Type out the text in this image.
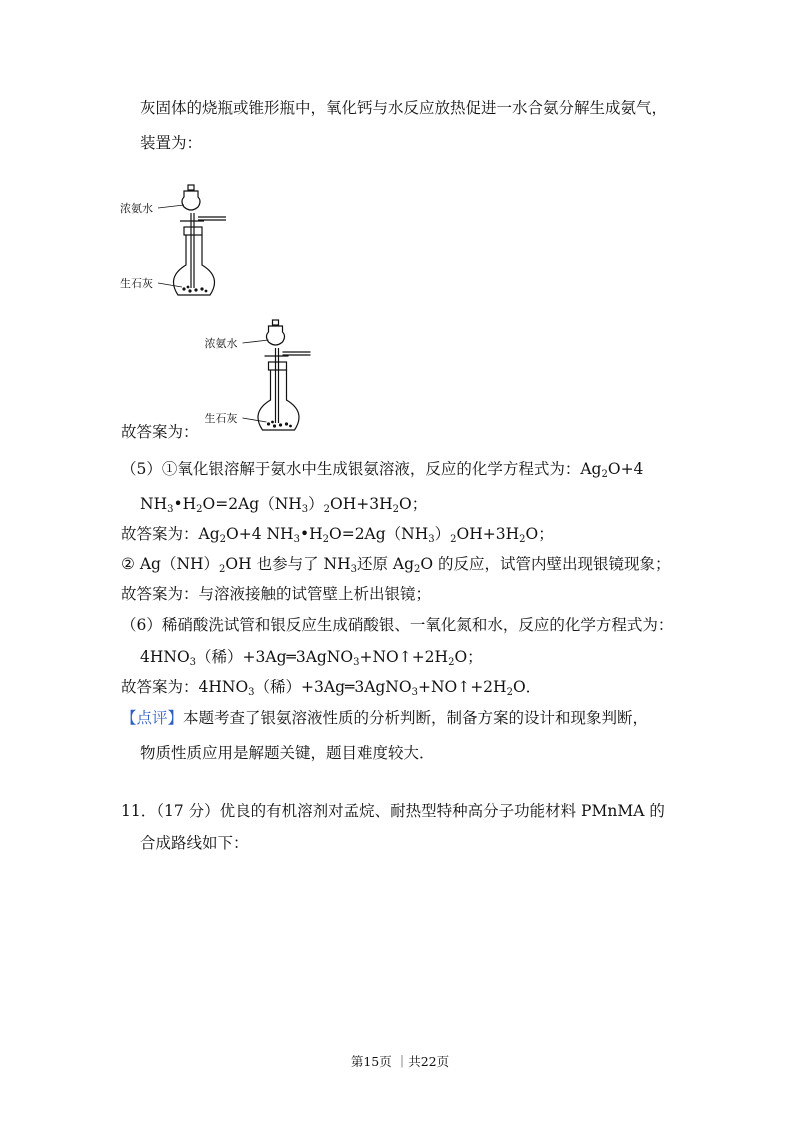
灰固体的烧瓶或锥形瓶中，氧化钙与水反应放热促进一水合氨分解生成氨气，
装置为：
浓氨水
生石灰
故答案为：
浓氨水
生石灰
（5）①氧化银溶解于氨水中生成银氨溶液，反应的化学方程式为：$Ag_2O+4$
$NH_3•H_2O=2Ag(NH_3)_2OH+3H_2O$；
故答案为：$Ag_2O+4$ $NH_3•H_2O=2Ag(NH_3)_2OH+3H_2O$；
② $Ag(NH)_2OH$ 也参与了 $NH_3$还原 $Ag_2O$ 的反应，试管内壁出现银镜现象；
故答案为：与溶液接触的试管壁上析出银镜；
（6）稀硝酸洗试管和银反应生成硝酸银、一氧化氮和水，反应的化学方程式为：
$4HNO_3$（稀）$+3Ag═3AgNO_3+NO↑+2H_2O$；
故答案为：$4HNO_3$（稀）$+3Ag═3AgNO_3+NO↑+2H_2O$．
【点评】本题考查了银氨溶液性质的分析判断，制备方案的设计和现象判断，
物质性质应用是解题关键，题目难度较大．
11．（17 分）优良的有机溶剂对孟烷、耐热型特种高分子功能材料 PMnMA 的
合成路线如下：
第15页 ｜共22页
